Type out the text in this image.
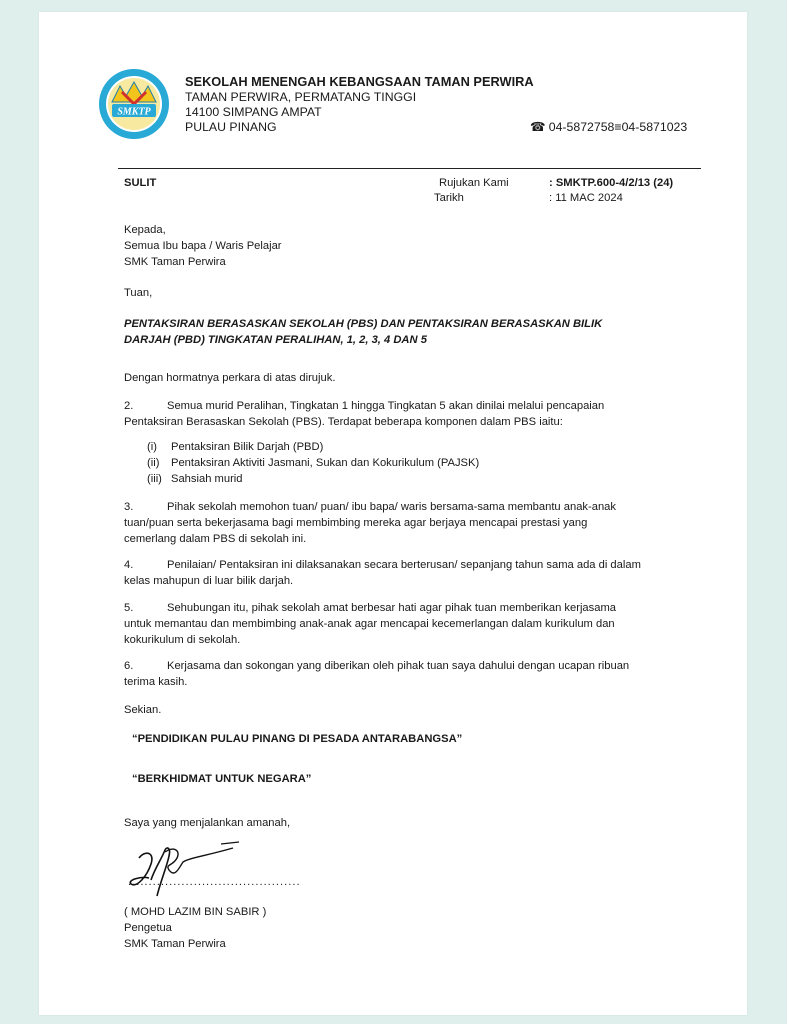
SMKTP
SEKOLAH MENENGAH KEBANGSAAN TAMAN PERWIRA
TAMAN PERWIRA, PERMATANG TINGGI
14100 SIMPANG AMPAT
PULAU PINANG	☎ 04-5872758≡04-5871023
SULIT	Rujukan Kami	: SMKTP.600-4/2/13 (24)
Tarikh	: 11 MAC 2024
Kepada,
Semua Ibu bapa / Waris Pelajar
SMK Taman Perwira
Tuan,
PENTAKSIRAN BERASASKAN SEKOLAH (PBS) DAN PENTAKSIRAN BERASASKAN BILIK
DARJAH (PBD) TINGKATAN PERALIHAN, 1, 2, 3, 4 DAN 5
Dengan hormatnya perkara di atas dirujuk.
2.	Semua murid Peralihan, Tingkatan 1 hingga Tingkatan 5 akan dinilai melalui pencapaian
Pentaksiran Berasaskan Sekolah (PBS). Terdapat beberapa komponen dalam PBS iaitu:
(i) Pentaksiran Bilik Darjah (PBD)
(ii) Pentaksiran Aktiviti Jasmani, Sukan dan Kokurikulum (PAJSK)
(iii) Sahsiah murid
3.	Pihak sekolah memohon tuan/ puan/ ibu bapa/ waris bersama-sama membantu anak-anak
tuan/puan serta bekerjasama bagi membimbing mereka agar berjaya mencapai prestasi yang
cemerlang dalam PBS di sekolah ini.
4.	Penilaian/ Pentaksiran ini dilaksanakan secara berterusan/ sepanjang tahun sama ada di dalam
kelas mahupun di luar bilik darjah.
5.	Sehubungan itu, pihak sekolah amat berbesar hati agar pihak tuan memberikan kerjasama
untuk memantau dan membimbing anak-anak agar mencapai kecemerlangan dalam kurikulum dan
kokurikulum di sekolah.
6.	Kerjasama dan sokongan yang diberikan oleh pihak tuan saya dahului dengan ucapan ribuan
terima kasih.
Sekian.
“PENDIDIKAN PULAU PINANG DI PESADA ANTARABANGSA”
“BERKHIDMAT UNTUK NEGARA”
Saya yang menjalankan amanah,
..........................................
( MOHD LAZIM BIN SABIR )
Pengetua
SMK Taman Perwira
